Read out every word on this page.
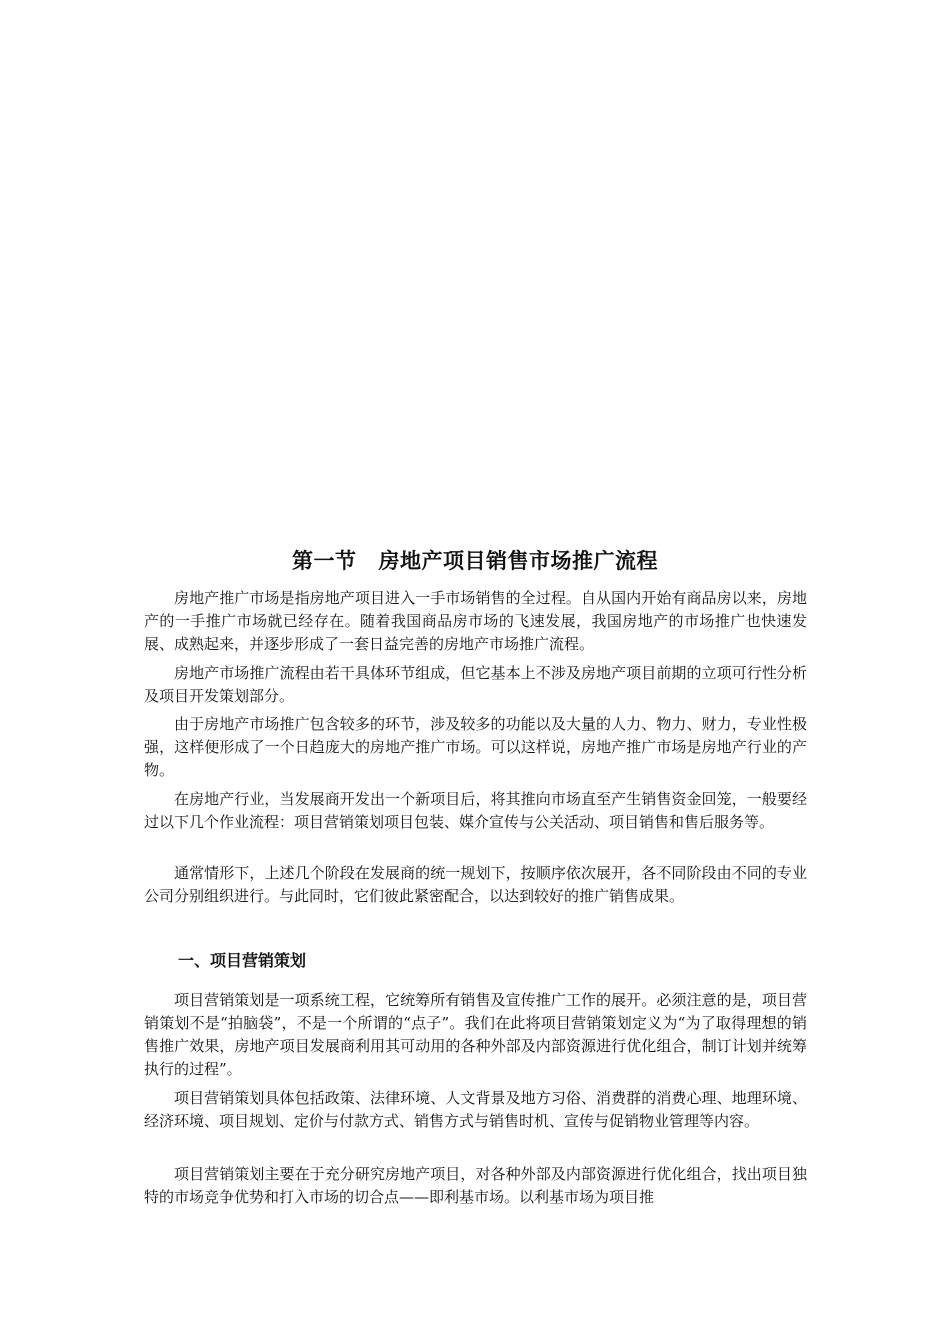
第一节 房地产项目销售市场推广流程

房地产推广市场是指房地产项目进入一手市场销售的全过程。自从国内开始有商品房以来，房地产的一手推广市场就已经存在。随着我国商品房市场的飞速发展，我国房地产的市场推广也快速发展、成熟起来，并逐步形成了一套日益完善的房地产市场推广流程。

房地产市场推广流程由若干具体环节组成，但它基本上不涉及房地产项目前期的立项可行性分析及项目开发策划部分。

由于房地产市场推广包含较多的环节，涉及较多的功能以及大量的人力、物力、财力，专业性极强，这样便形成了一个日趋庞大的房地产推广市场。可以这样说，房地产推广市场是房地产行业的产物。

在房地产行业，当发展商开发出一个新项目后，将其推向市场直至产生销售资金回笼，一般要经过以下几个作业流程：项目营销策划项目包装、媒介宣传与公关活动、项目销售和售后服务等。

通常情形下，上述几个阶段在发展商的统一规划下，按顺序依次展开，各不同阶段由不同的专业公司分别组织进行。与此同时，它们彼此紧密配合，以达到较好的推广销售成果。

一、项目营销策划

项目营销策划是一项系统工程，它统筹所有销售及宣传推广工作的展开。必须注意的是，项目营销策划不是“拍脑袋”，不是一个所谓的“点子”。我们在此将项目营销策划定义为“为了取得理想的销售推广效果，房地产项目发展商利用其可动用的各种外部及内部资源进行优化组合，制订计划并统筹执行的过程”。

项目营销策划具体包括政策、法律环境、人文背景及地方习俗、消费群的消费心理、地理环境、经济环境、项目规划、定价与付款方式、销售方式与销售时机、宣传与促销物业管理等内容。

项目营销策划主要在于充分研究房地产项目，对各种外部及内部资源进行优化组合，找出项目独特的市场竞争优势和打入市场的切合点——即利基市场。以利基市场为项目推
